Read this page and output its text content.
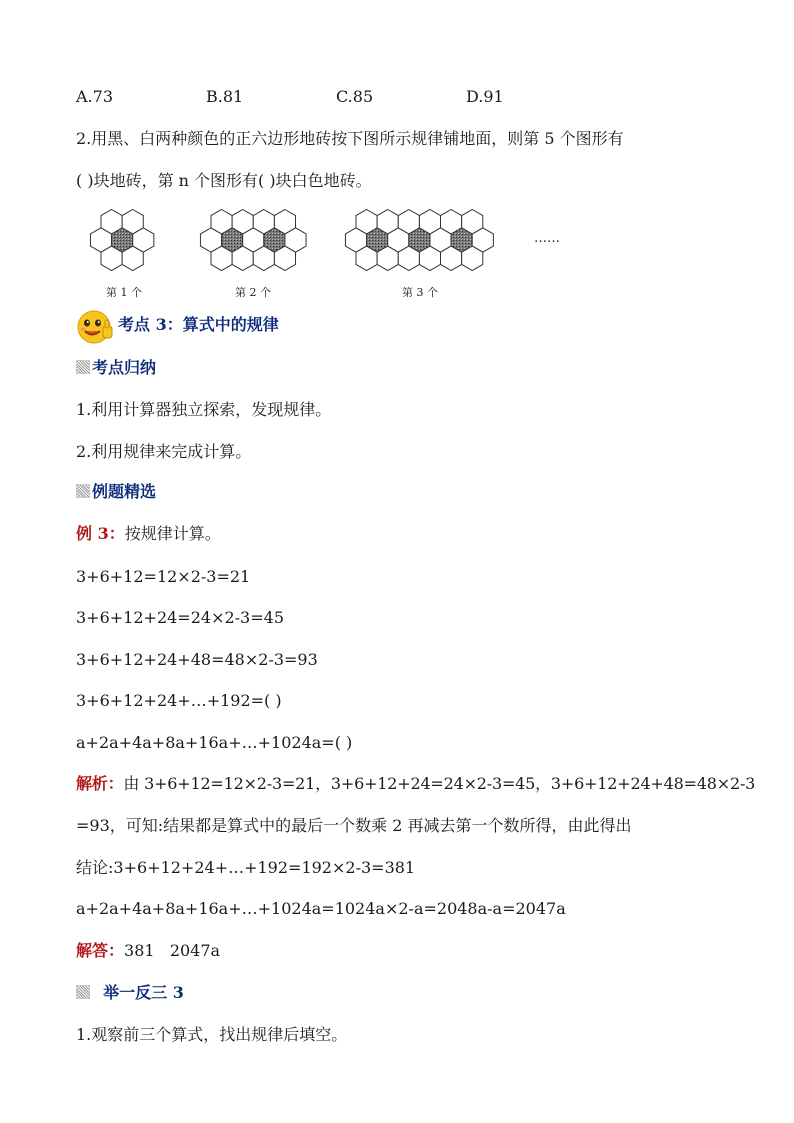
A.73	B.81	C.85	D.91
2.用黑、白两种颜色的正六边形地砖按下图所示规律铺地面，则第 5 个图形有
( )块地砖，第 n 个图形有( )块白色地砖。
第 1 个	第 2 个	第 3 个
……
考点 3：算式中的规律
考点归纳
1.利用计算器独立探索，发现规律。
2.利用规律来完成计算。
例题精选
例 3：按规律计算。
3+6+12=12×2-3=21
3+6+12+24=24×2-3=45
3+6+12+24+48=48×2-3=93
3+6+12+24+…+192=( )
a+2a+4a+8a+16a+…+1024a=( )
解析：由 3+6+12=12×2-3=21，3+6+12+24=24×2-3=45，3+6+12+24+48=48×2-3
=93，可知:结果都是算式中的最后一个数乘 2 再减去第一个数所得，由此得出
结论:3+6+12+24+…+192=192×2-3=381
a+2a+4a+8a+16a+…+1024a=1024a×2-a=2048a-a=2047a
解答：381   2047a
举一反三 3
1.观察前三个算式，找出规律后填空。
